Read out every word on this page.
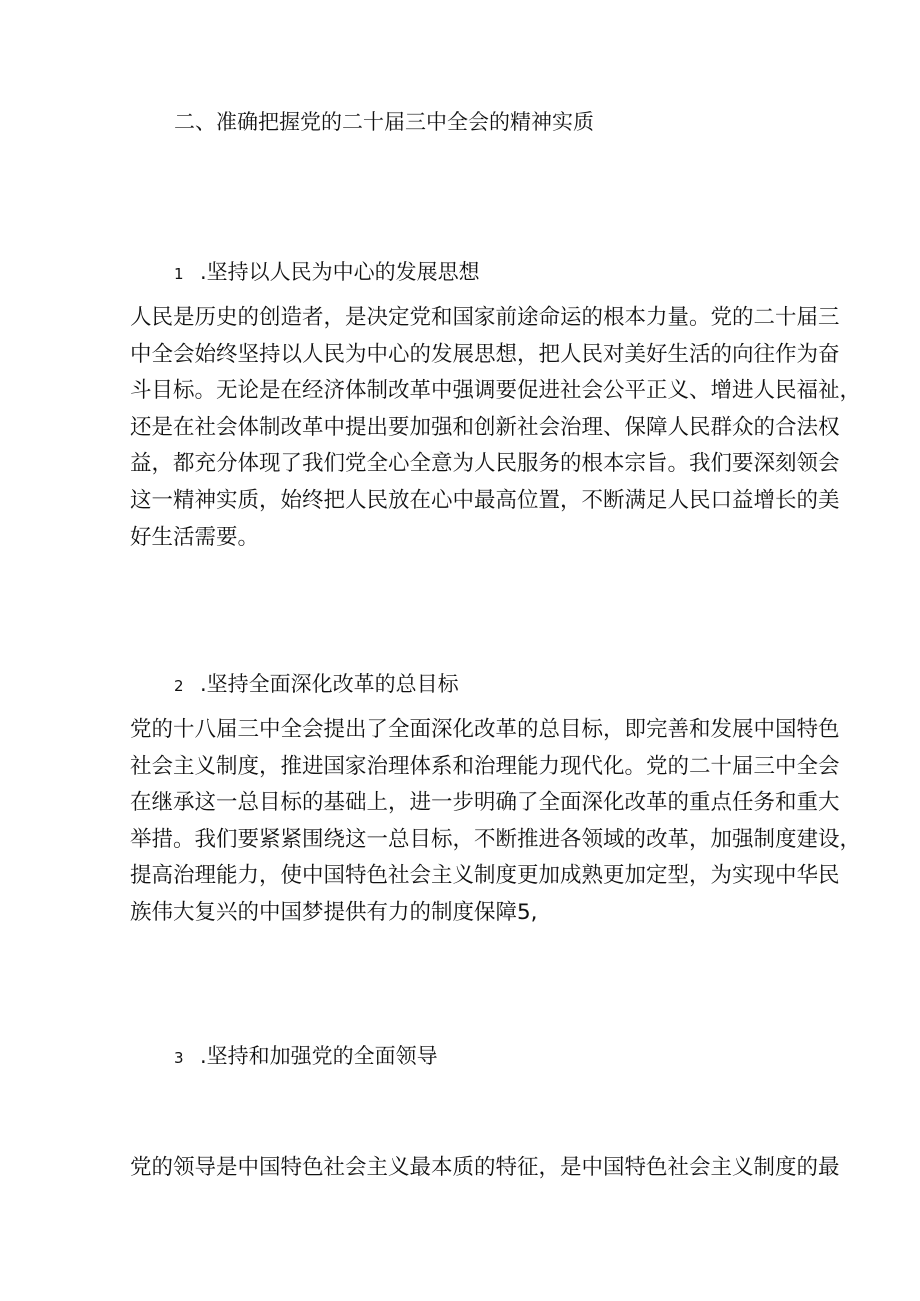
二、准确把握党的二十届三中全会的精神实质
1 .坚持以人民为中心的发展思想
人民是历史的创造者，是决定党和国家前途命运的根本力量。党的二十届三
中全会始终坚持以人民为中心的发展思想，把人民对美好生活的向往作为奋
斗目标。无论是在经济体制改革中强调要促进社会公平正义、增进人民福祉，
还是在社会体制改革中提出要加强和创新社会治理、保障人民群众的合法权
益，都充分体现了我们党全心全意为人民服务的根本宗旨。我们要深刻领会
这一精神实质，始终把人民放在心中最高位置，不断满足人民口益增长的美
好生活需要。
2 .坚持全面深化改革的总目标
党的十八届三中全会提出了全面深化改革的总目标，即完善和发展中国特色
社会主义制度，推进国家治理体系和治理能力现代化。党的二十届三中全会
在继承这一总目标的基础上，进一步明确了全面深化改革的重点任务和重大
举措。我们要紧紧围绕这一总目标，不断推进各领域的改革，加强制度建设，
提高治理能力，使中国特色社会主义制度更加成熟更加定型，为实现中华民
族伟大复兴的中国梦提供有力的制度保障5,
3 .坚持和加强党的全面领导
党的领导是中国特色社会主义最本质的特征，是中国特色社会主义制度的最
